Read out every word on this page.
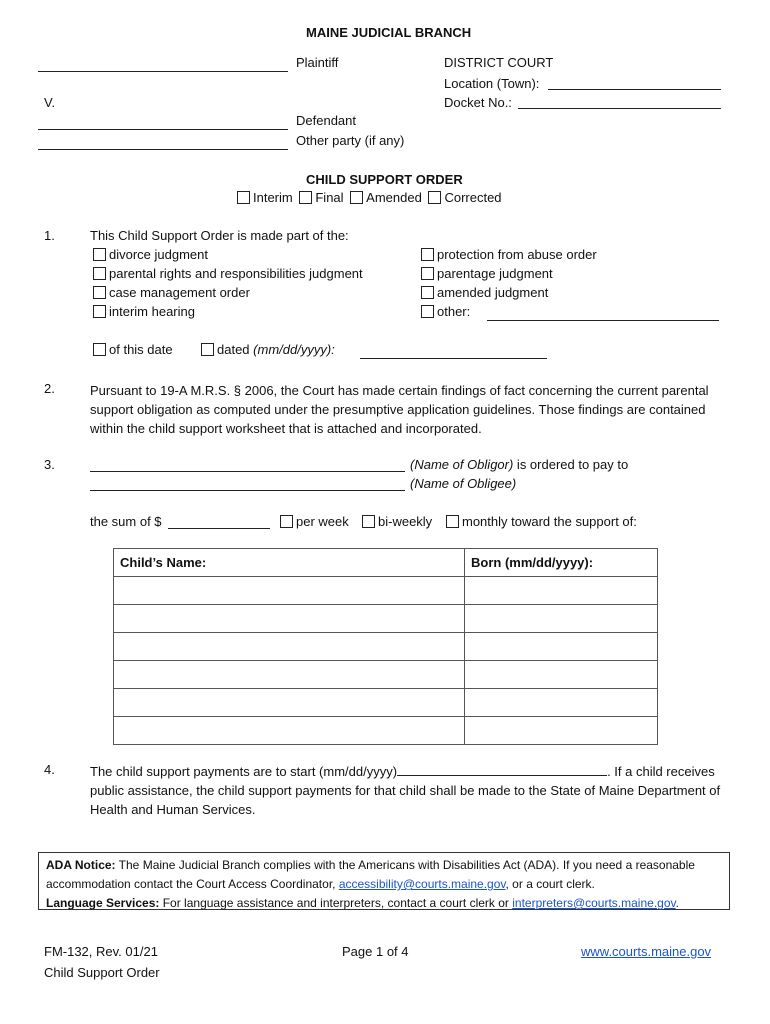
MAINE JUDICIAL BRANCH
Plaintiff	DISTRICT COURT
Location (Town):
Docket No.:
V.
Defendant
Other party (if any)
CHILD SUPPORT ORDER
Interim Final Amended Corrected
1.	This Child Support Order is made part of the:
divorce judgment
parental rights and responsibilities judgment
case management order
interim hearing
protection from abuse order
parentage judgment
amended judgment
other:
of this date	dated (mm/dd/yyyy):
2.	Pursuant to 19-A M.R.S. § 2006, the Court has made certain findings of fact concerning the current parental support obligation as computed under the presumptive application guidelines. Those findings are contained within the child support worksheet that is attached and incorporated.
3.	(Name of Obligor) is ordered to pay to
(Name of Obligee)
the sum of $	per week	bi-weekly	monthly toward the support of:
Child’s Name:	Born (mm/dd/yyyy):

4.	The child support payments are to start (mm/dd/yyyy)	. If a child receives public assistance, the child support payments for that child shall be made to the State of Maine Department of Health and Human Services.
ADA Notice: The Maine Judicial Branch complies with the Americans with Disabilities Act (ADA). If you need a reasonable accommodation contact the Court Access Coordinator, accessibility@courts.maine.gov, or a court clerk.
Language Services: For language assistance and interpreters, contact a court clerk or interpreters@courts.maine.gov.
FM-132, Rev. 01/21
Child Support Order
Page 1 of 4	www.courts.maine.gov
